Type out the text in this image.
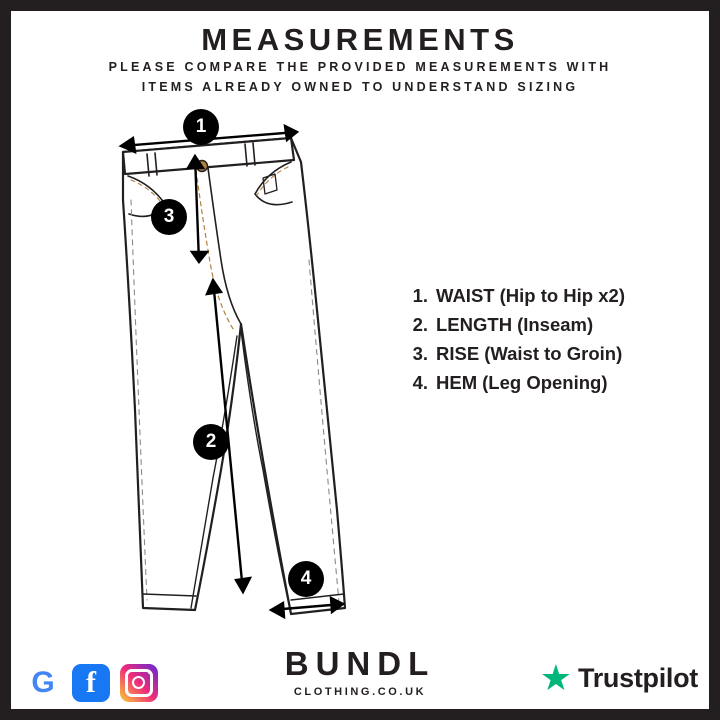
MEASUREMENTS
PLEASE COMPARE THE PROVIDED MEASUREMENTS WITH
ITEMS ALREADY OWNED TO UNDERSTAND SIZING
1
3
2
4
1. WAIST (Hip to Hip x2)
2. LENGTH (Inseam)
3. RISE (Waist to Groin)
4. HEM (Leg Opening)
G	f
BUNDL
CLOTHING.CO.UK	★ Trustpilot
